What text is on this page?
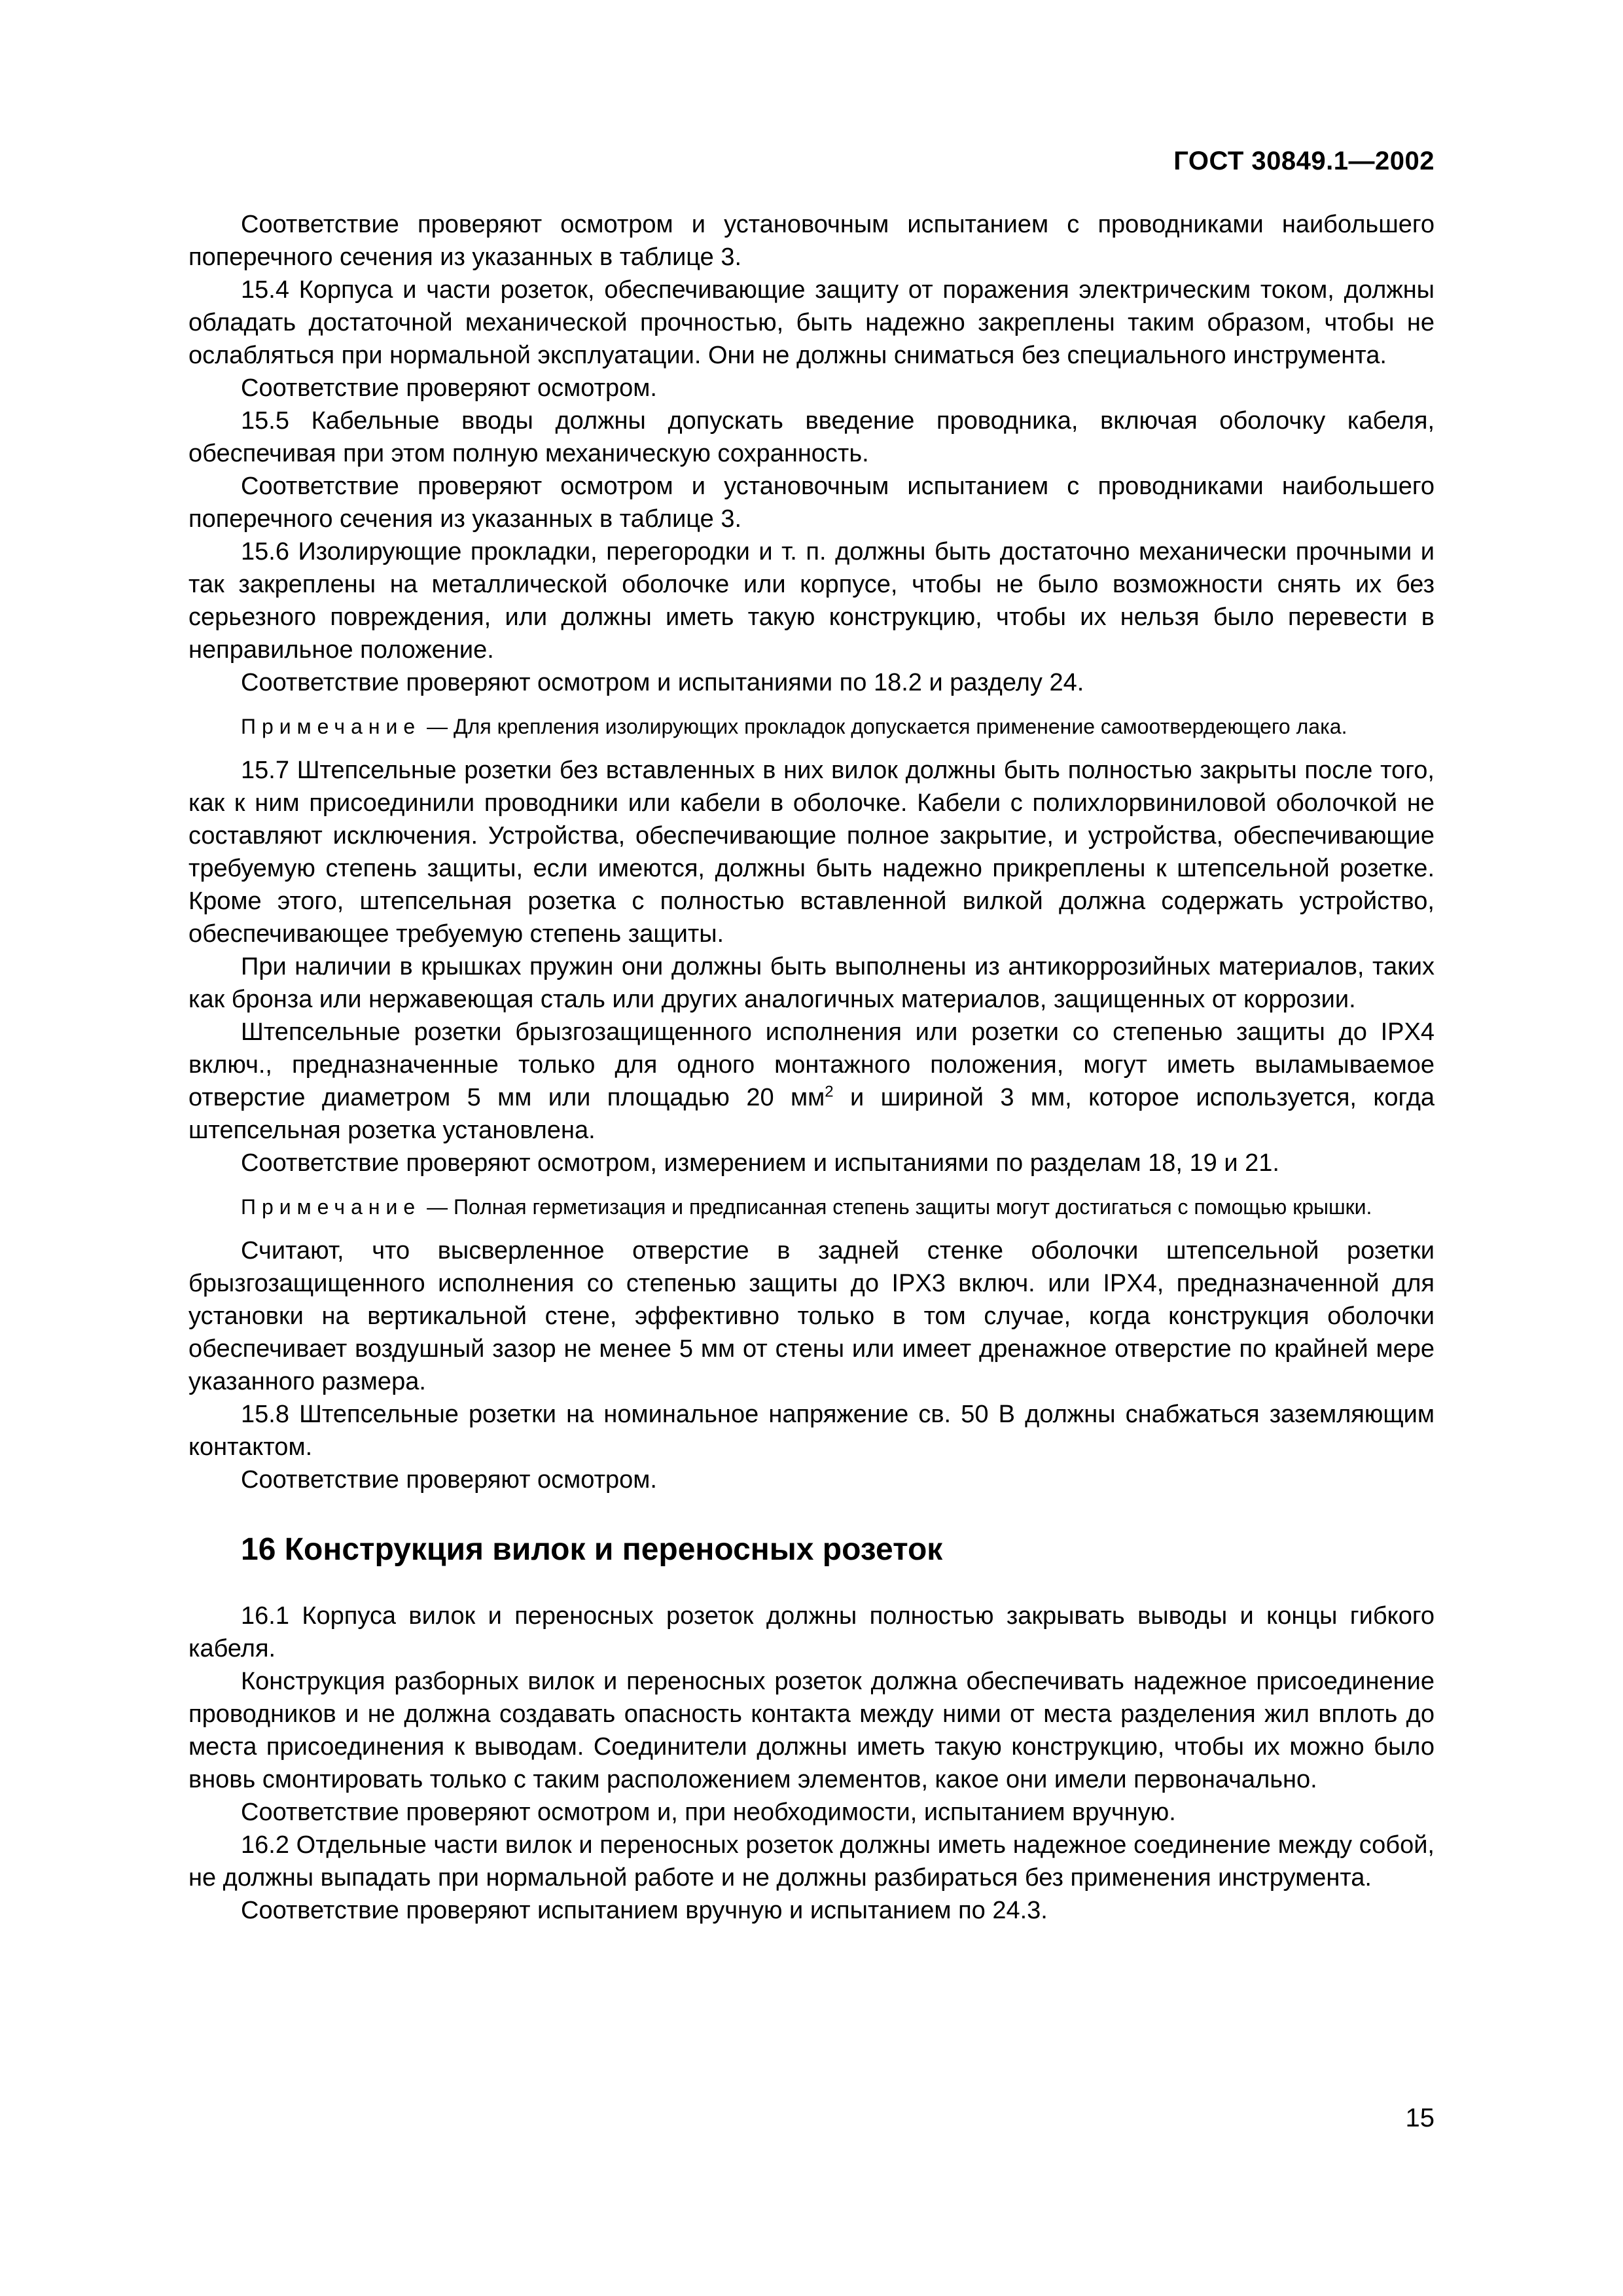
ГОСТ 30849.1—2002

Соответствие проверяют осмотром и установочным испытанием с проводниками наибольшего поперечного сечения из указанных в таблице 3.

15.4 Корпуса и части розеток, обеспечивающие защиту от поражения электрическим током, должны обладать достаточной механической прочностью, быть надежно закреплены таким образом, чтобы не ослабляться при нормальной эксплуатации. Они не должны сниматься без специального инструмента.

Соответствие проверяют осмотром.

15.5 Кабельные вводы должны допускать введение проводника, включая оболочку кабеля, обеспечивая при этом полную механическую сохранность.

Соответствие проверяют осмотром и установочным испытанием с проводниками наибольшего поперечного сечения из указанных в таблице 3.

15.6 Изолирующие прокладки, перегородки и т. п. должны быть достаточно механически прочными и так закреплены на металлической оболочке или корпусе, чтобы не было возможности снять их без серьезного повреждения, или должны иметь такую конструкцию, чтобы их нельзя было перевести в неправильное положение.

Соответствие проверяют осмотром и испытаниями по 18.2 и разделу 24.

Примечание — Для крепления изолирующих прокладок допускается применение самоотвердеющего лака.

15.7 Штепсельные розетки без вставленных в них вилок должны быть полностью закрыты после того, как к ним присоединили проводники или кабели в оболочке. Кабели с полихлорвиниловой оболочкой не составляют исключения. Устройства, обеспечивающие полное закрытие, и устройства, обеспечивающие требуемую степень защиты, если имеются, должны быть надежно прикреплены к штепсельной розетке. Кроме этого, штепсельная розетка с полностью вставленной вилкой должна содержать устройство, обеспечивающее требуемую степень защиты.

При наличии в крышках пружин они должны быть выполнены из антикоррозийных материалов, таких как бронза или нержавеющая сталь или других аналогичных материалов, защищенных от коррозии.

Штепсельные розетки брызгозащищенного исполнения или розетки со степенью защиты до IPX4 включ., предназначенные только для одного монтажного положения, могут иметь выламываемое отверстие диаметром 5 мм или площадью 20 $мм^2$ и шириной 3 мм, которое используется, когда штепсельная розетка установлена.

Соответствие проверяют осмотром, измерением и испытаниями по разделам 18, 19 и 21.

Примечание — Полная герметизация и предписанная степень защиты могут достигаться с помощью крышки.

Считают, что высверленное отверстие в задней стенке оболочки штепсельной розетки брызгозащищенного исполнения со степенью защиты до IPX3 включ. или IPX4, предназначенной для установки на вертикальной стене, эффективно только в том случае, когда конструкция оболочки обеспечивает воздушный зазор не менее 5 мм от стены или имеет дренажное отверстие по крайней мере указанного размера.

15.8 Штепсельные розетки на номинальное напряжение св. 50 В должны снабжаться заземляющим контактом.

Соответствие проверяют осмотром.

16 Конструкция вилок и переносных розеток

16.1 Корпуса вилок и переносных розеток должны полностью закрывать выводы и концы гибкого кабеля.

Конструкция разборных вилок и переносных розеток должна обеспечивать надежное присоединение проводников и не должна создавать опасность контакта между ними от места разделения жил вплоть до места присоединения к выводам. Соединители должны иметь такую конструкцию, чтобы их можно было вновь смонтировать только с таким расположением элементов, какое они имели первоначально.

Соответствие проверяют осмотром и, при необходимости, испытанием вручную.

16.2 Отдельные части вилок и переносных розеток должны иметь надежное соединение между собой, не должны выпадать при нормальной работе и не должны разбираться без применения инструмента.

Соответствие проверяют испытанием вручную и испытанием по 24.3.

15
